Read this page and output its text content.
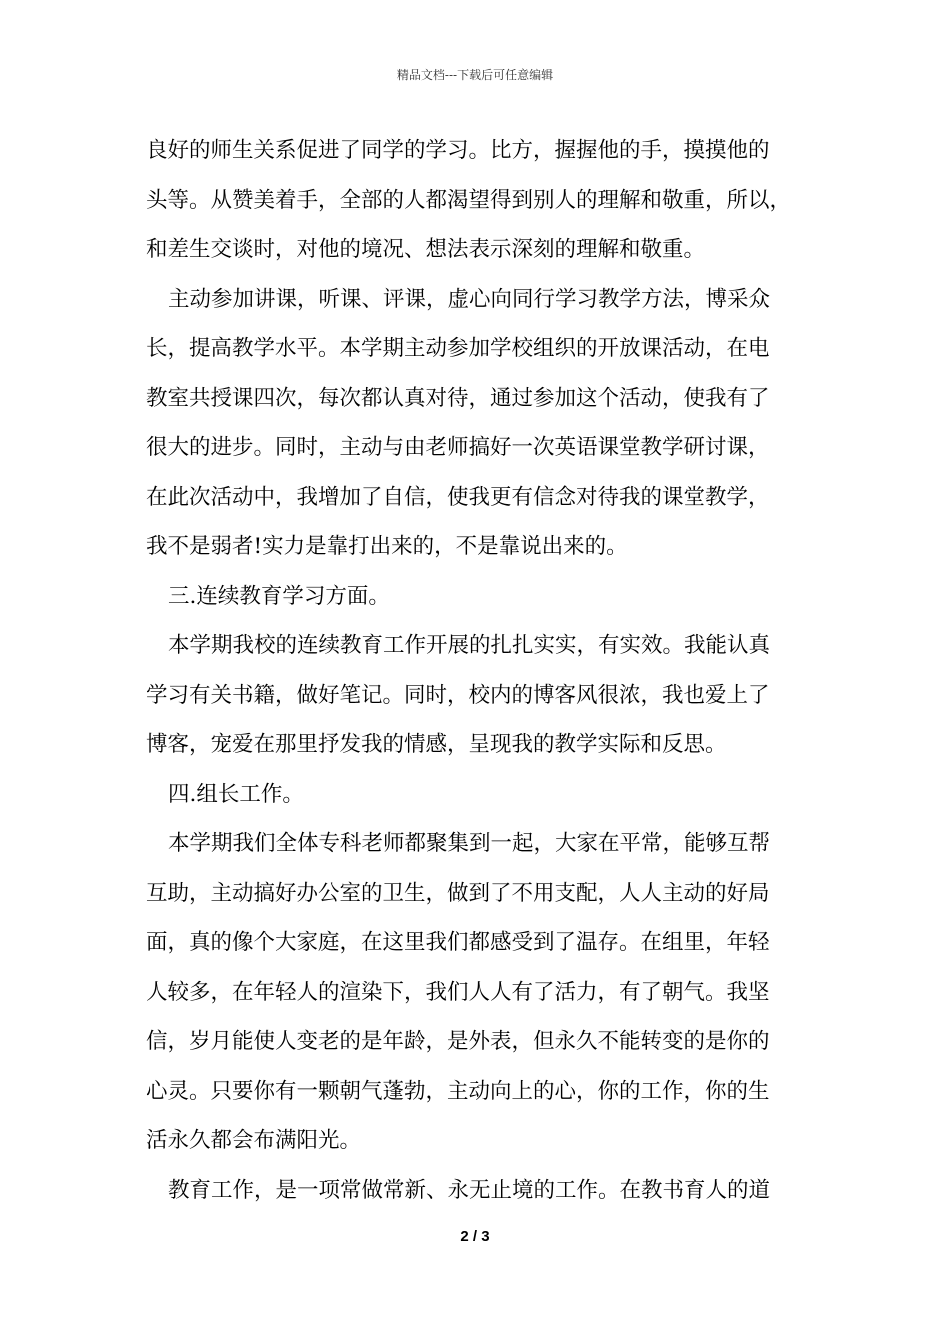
精品文档---下载后可任意编辑
良好的师生关系促进了同学的学习。比方，握握他的手，摸摸他的
头等。从赞美着手，全部的人都渴望得到别人的理解和敬重，所以，
和差生交谈时，对他的境况、想法表示深刻的理解和敬重。
主动参加讲课，听课、评课，虚心向同行学习教学方法，博采众
长，提高教学水平。本学期主动参加学校组织的开放课活动，在电
教室共授课四次，每次都认真对待，通过参加这个活动，使我有了
很大的进步。同时，主动与由老师搞好一次英语课堂教学研讨课，
在此次活动中，我增加了自信，使我更有信念对待我的课堂教学，
我不是弱者!实力是靠打出来的，不是靠说出来的。
三.连续教育学习方面。
本学期我校的连续教育工作开展的扎扎实实，有实效。我能认真
学习有关书籍，做好笔记。同时，校内的博客风很浓，我也爱上了
博客，宠爱在那里抒发我的情感，呈现我的教学实际和反思。
四.组长工作。
本学期我们全体专科老师都聚集到一起，大家在平常，能够互帮
互助，主动搞好办公室的卫生，做到了不用支配，人人主动的好局
面，真的像个大家庭，在这里我们都感受到了温存。在组里，年轻
人较多，在年轻人的渲染下，我们人人有了活力，有了朝气。我坚
信，岁月能使人变老的是年龄，是外表，但永久不能转变的是你的
心灵。只要你有一颗朝气蓬勃，主动向上的心，你的工作，你的生
活永久都会布满阳光。
教育工作，是一项常做常新、永无止境的工作。在教书育人的道
2 / 3
